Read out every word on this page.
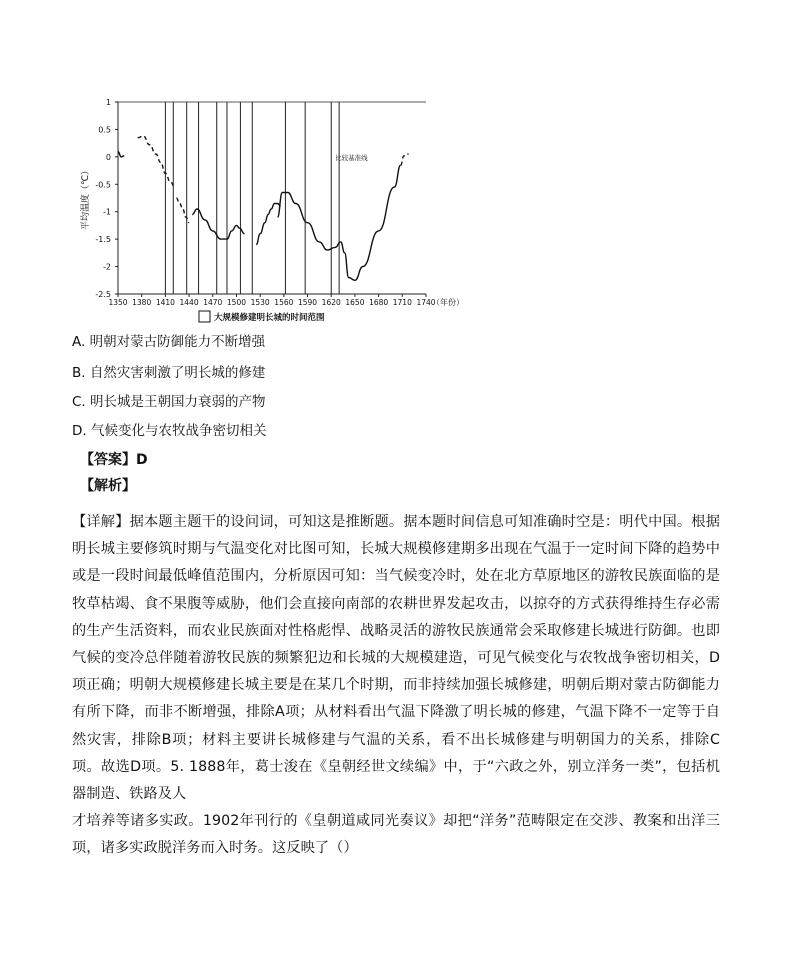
1
0.5
0
-0.5
-1
-1.5
-2
-2.5
1350 1380 1410 1440 1470 1500 1530 1560 1590 1620 1650 1680 1710 1740
平均温度（℃）
（年份）
比较基准线
大规模修建明长城的时间范围
A. 明朝对蒙古防御能力不断增强
B. 自然灾害刺激了明长城的修建
C. 明长城是王朝国力衰弱的产物
D. 气候变化与农牧战争密切相关
【答案】D
【解析】

【详解】据本题主题干的设问词，可知这是推断题。据本题时间信息可知准确时空是：明代中国。根据明长城主要修筑时期与气温变化对比图可知，长城大规模修建期多出现在气温于一定时间下降的趋势中或是一段时间最低峰值范围内，分析原因可知：当气候变冷时，处在北方草原地区的游牧民族面临的是牧草枯竭、食不果腹等威胁，他们会直接向南部的农耕世界发起攻击，以掠夺的方式获得维持生存必需的生产生活资料，而农业民族面对性格彪悍、战略灵活的游牧民族通常会采取修建长城进行防御。也即气候的变冷总伴随着游牧民族的频繁犯边和长城的大规模建造，可见气候变化与农牧战争密切相关，D项正确；明朝大规模修建长城主要是在某几个时期，而非持续加强长城修建，明朝后期对蒙古防御能力有所下降，而非不断增强，排除A项；从材料看出气温下降激了明长城的修建，气温下降不一定等于自然灾害，排除B项；材料主要讲长城修建与气温的关系，看不出长城修建与明朝国力的关系，排除C项。故选D项。5. 1888年，葛士浚在《皇朝经世文续编》中，于“六政之外，别立洋务一类”，包括机器制造、铁路及人

才培养等诸多实政。1902年刊行的《皇朝道咸同光奏议》却把“洋务”范畴限定在交涉、教案和出洋三项，诸多实政脱洋务而入时务。这反映了（）
